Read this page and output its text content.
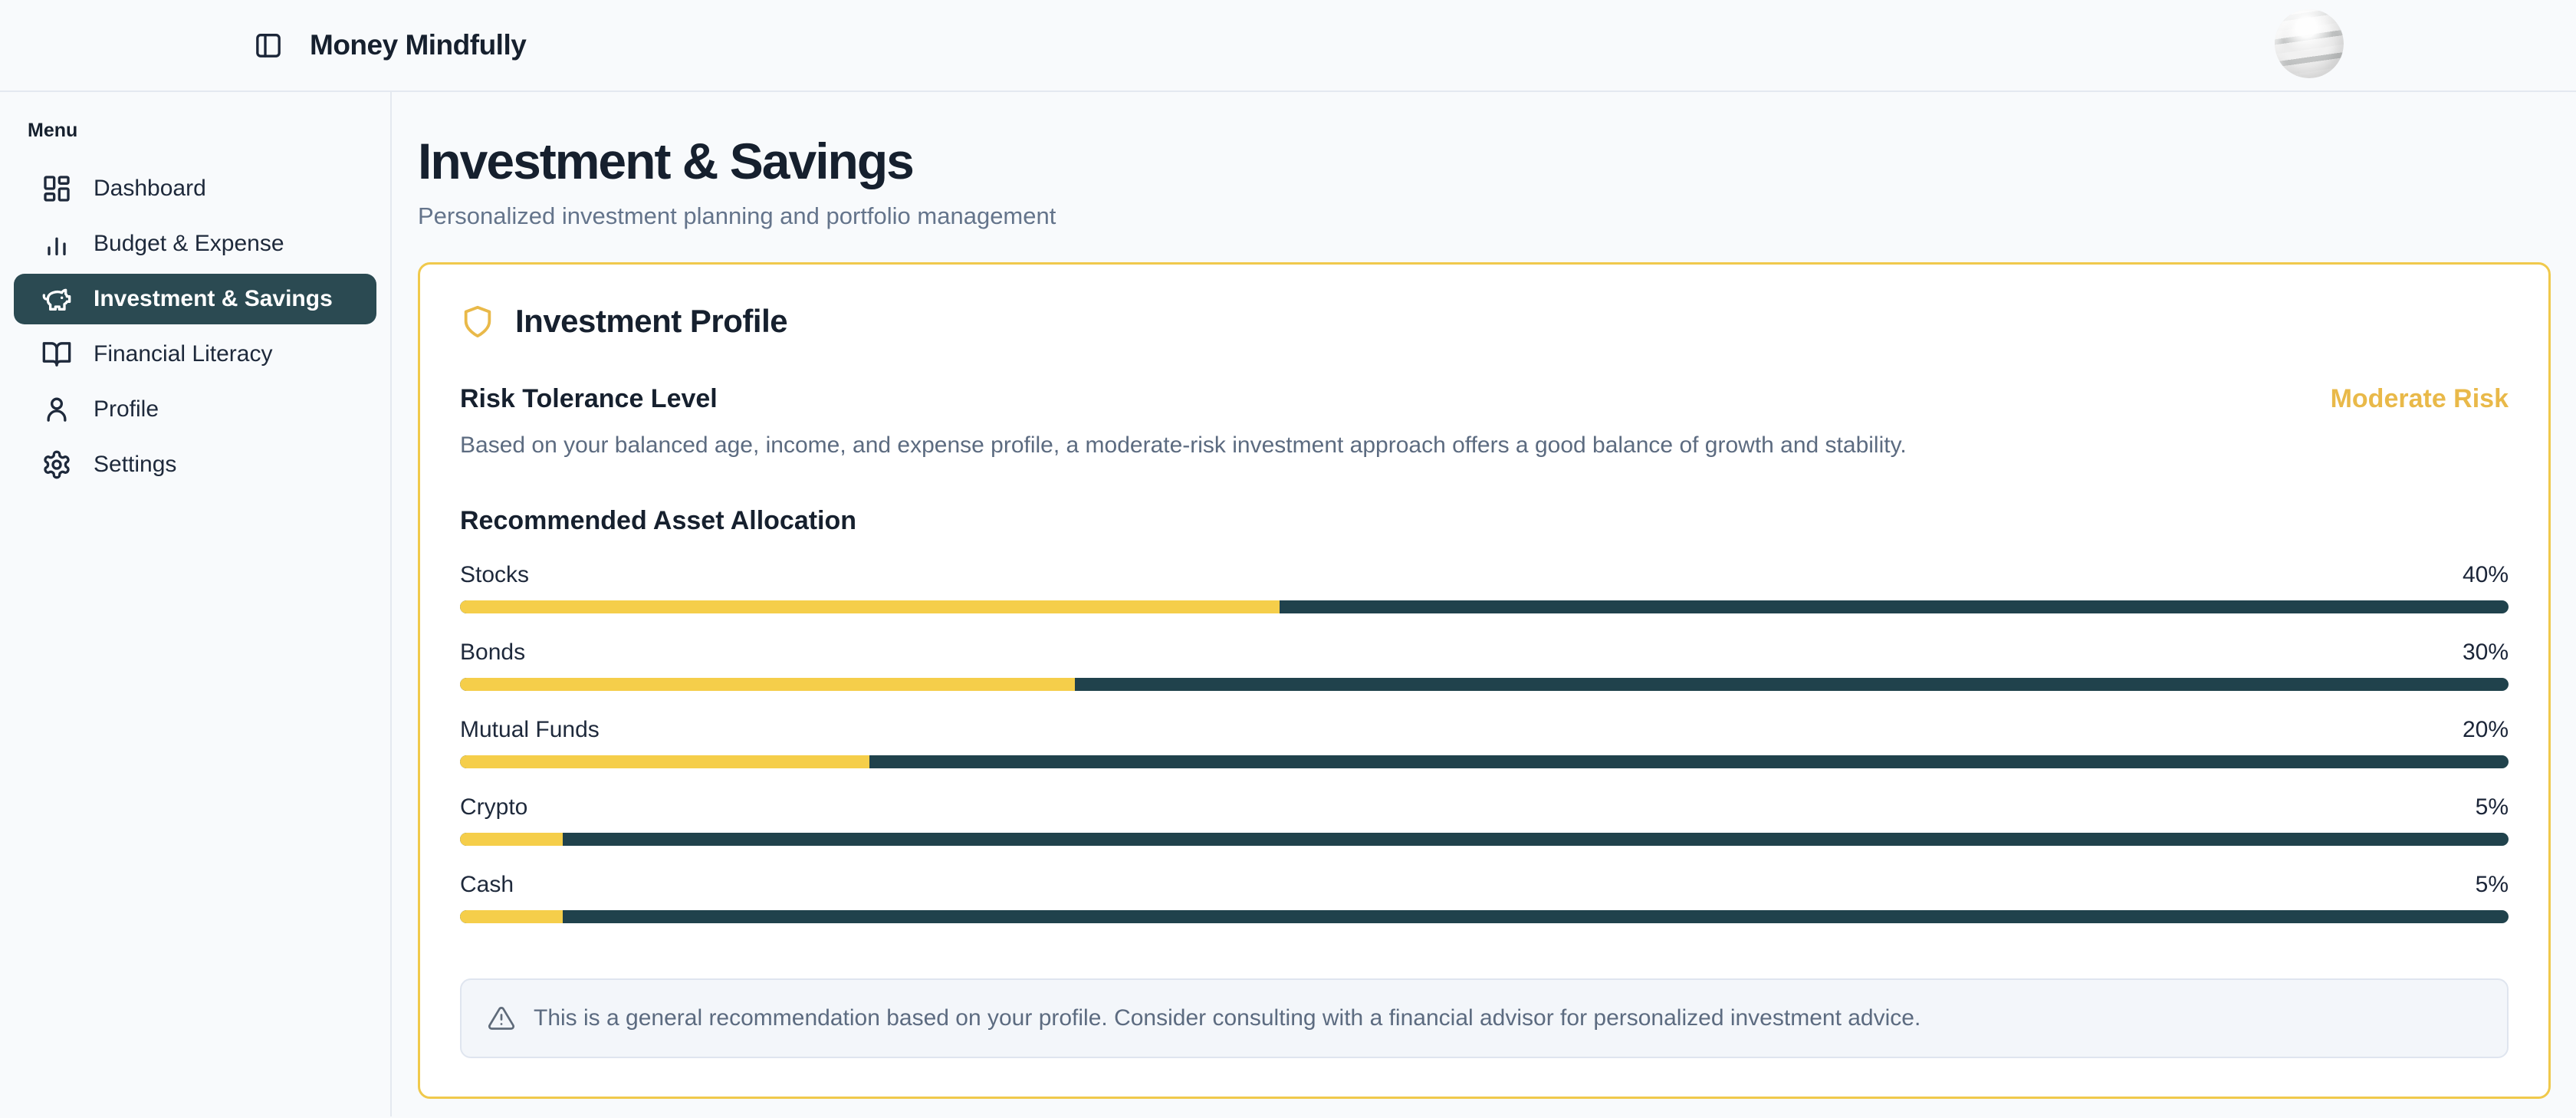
Money Mindfully
Menu
Dashboard
Budget & Expense
Investment & Savings
Financial Literacy
Profile
Settings
Investment & Savings
Personalized investment planning and portfolio management
Investment Profile
Risk Tolerance Level	Moderate Risk

Based on your balanced age, income, and expense profile, a moderate-risk investment approach offers a good balance of growth and stability.

Recommended Asset Allocation
Stocks	40%
Bonds	30%
Mutual Funds	20%
Crypto	5%
Cash	5%
This is a general recommendation based on your profile. Consider consulting with a financial advisor for personalized investment advice.
